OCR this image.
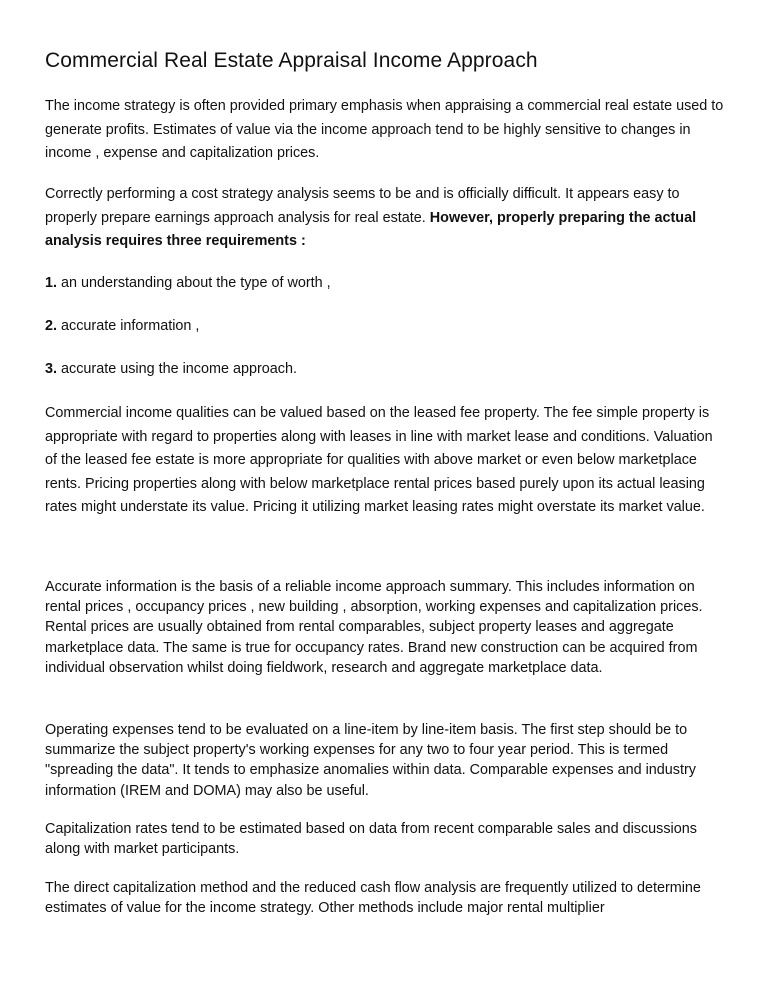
Commercial Real Estate Appraisal Income Approach

The income strategy is often provided primary emphasis when appraising a commercial real estate used to generate profits. Estimates of value via the income approach tend to be highly sensitive to changes in income , expense and capitalization prices.

Correctly performing a cost strategy analysis seems to be and is officially difficult. It appears easy to properly prepare earnings approach analysis for real estate. However, properly preparing the actual analysis requires three requirements :

1. an understanding about the type of worth ,

2. accurate information ,

3. accurate using the income approach.

Commercial income qualities can be valued based on the leased fee property. The fee simple property is appropriate with regard to properties along with leases in line with market lease and conditions. Valuation of the leased fee estate is more appropriate for qualities with above market or even below marketplace rents. Pricing properties along with below marketplace rental prices based purely upon its actual leasing rates might understate its value. Pricing it utilizing market leasing rates might overstate its market value.

Accurate information is the basis of a reliable income approach summary. This includes information on rental prices , occupancy prices , new building , absorption, working expenses and capitalization prices. Rental prices are usually obtained from rental comparables, subject property leases and aggregate marketplace data. The same is true for occupancy rates. Brand new construction can be acquired from individual observation whilst doing fieldwork, research and aggregate marketplace data.

Operating expenses tend to be evaluated on a line-item by line-item basis. The first step should be to summarize the subject property's working expenses for any two to four year period. This is termed "spreading the data". It tends to emphasize anomalies within data. Comparable expenses and industry information (IREM and DOMA) may also be useful.

Capitalization rates tend to be estimated based on data from recent comparable sales and discussions along with market participants.

The direct capitalization method and the reduced cash flow analysis are frequently utilized to determine estimates of value for the income strategy. Other methods include major rental multiplier
